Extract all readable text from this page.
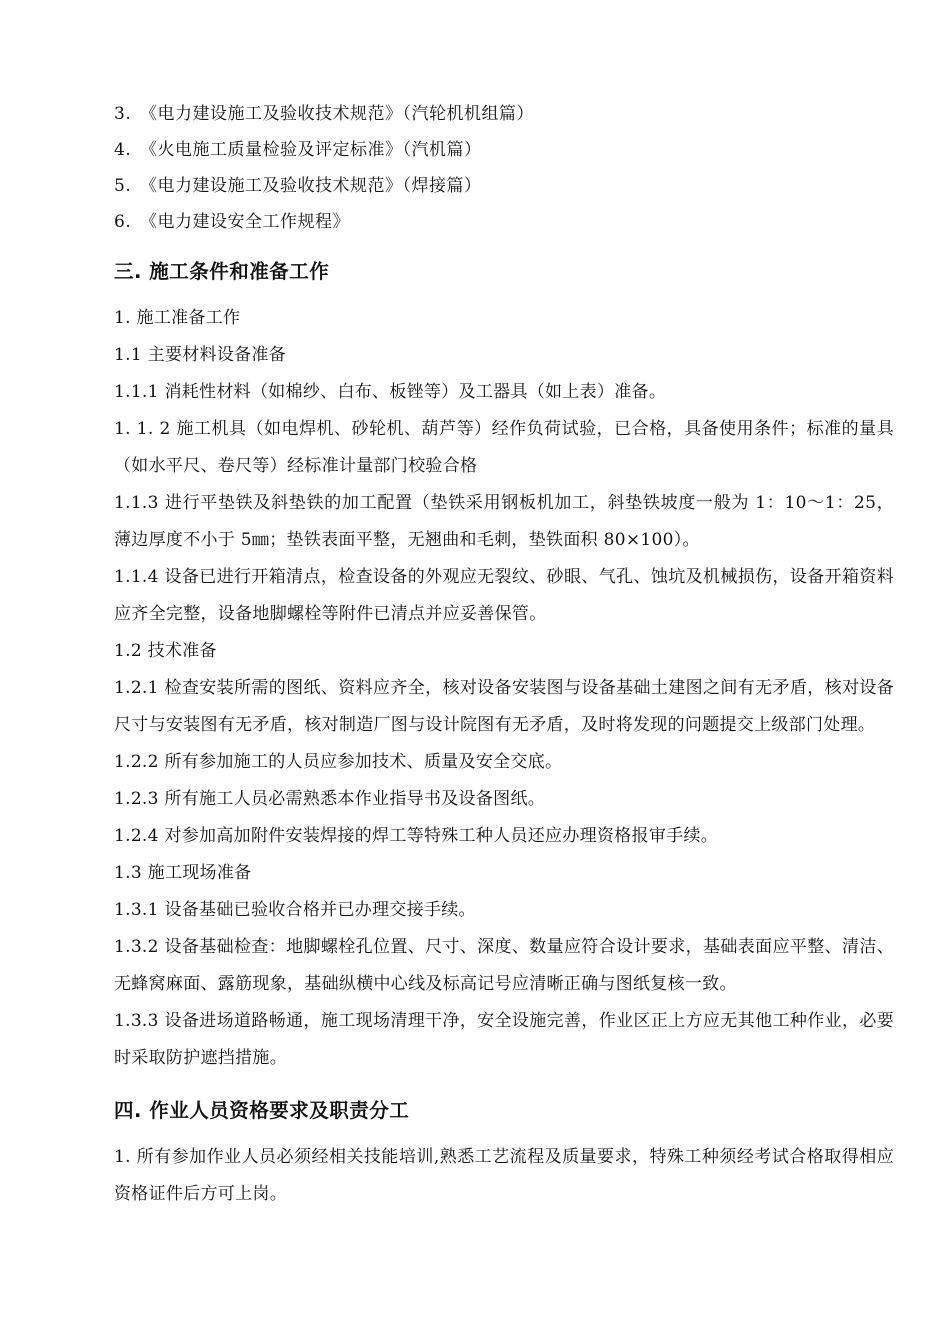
3. 《电力建设施工及验收技术规范》（汽轮机机组篇）
4. 《火电施工质量检验及评定标准》（汽机篇）
5. 《电力建设施工及验收技术规范》（焊接篇）
6. 《电力建设安全工作规程》
三. 施工条件和准备工作
1. 施工准备工作
1.1 主要材料设备准备
1.1.1 消耗性材料（如棉纱、白布、板锉等）及工器具（如上表）准备。
1. 1. 2 施工机具（如电焊机、砂轮机、葫芦等）经作负荷试验，已合格，具备使用条件；标准的量具（如水平尺、卷尺等）经标准计量部门校验合格
1.1.3 进行平垫铁及斜垫铁的加工配置（垫铁采用钢板机加工，斜垫铁坡度一般为 1：10～1：25，薄边厚度不小于 5㎜；垫铁表面平整，无翘曲和毛刺，垫铁面积 80×100）。
1.1.4 设备已进行开箱清点，检查设备的外观应无裂纹、砂眼、气孔、蚀坑及机械损伤，设备开箱资料应齐全完整，设备地脚螺栓等附件已清点并应妥善保管。
1.2 技术准备
1.2.1 检查安装所需的图纸、资料应齐全，核对设备安装图与设备基础土建图之间有无矛盾，核对设备尺寸与安装图有无矛盾，核对制造厂图与设计院图有无矛盾，及时将发现的问题提交上级部门处理。
1.2.2 所有参加施工的人员应参加技术、质量及安全交底。
1.2.3 所有施工人员必需熟悉本作业指导书及设备图纸。
1.2.4 对参加高加附件安装焊接的焊工等特殊工种人员还应办理资格报审手续。
1.3 施工现场准备
1.3.1 设备基础已验收合格并已办理交接手续。
1.3.2 设备基础检查：地脚螺栓孔位置、尺寸、深度、数量应符合设计要求，基础表面应平整、清洁、无蜂窝麻面、露筋现象，基础纵横中心线及标高记号应清晰正确与图纸复核一致。
1.3.3 设备进场道路畅通，施工现场清理干净，安全设施完善，作业区正上方应无其他工种作业，必要时采取防护遮挡措施。
四. 作业人员资格要求及职责分工
1. 所有参加作业人员必须经相关技能培训,熟悉工艺流程及质量要求，特殊工种须经考试合格取得相应资格证件后方可上岗。
